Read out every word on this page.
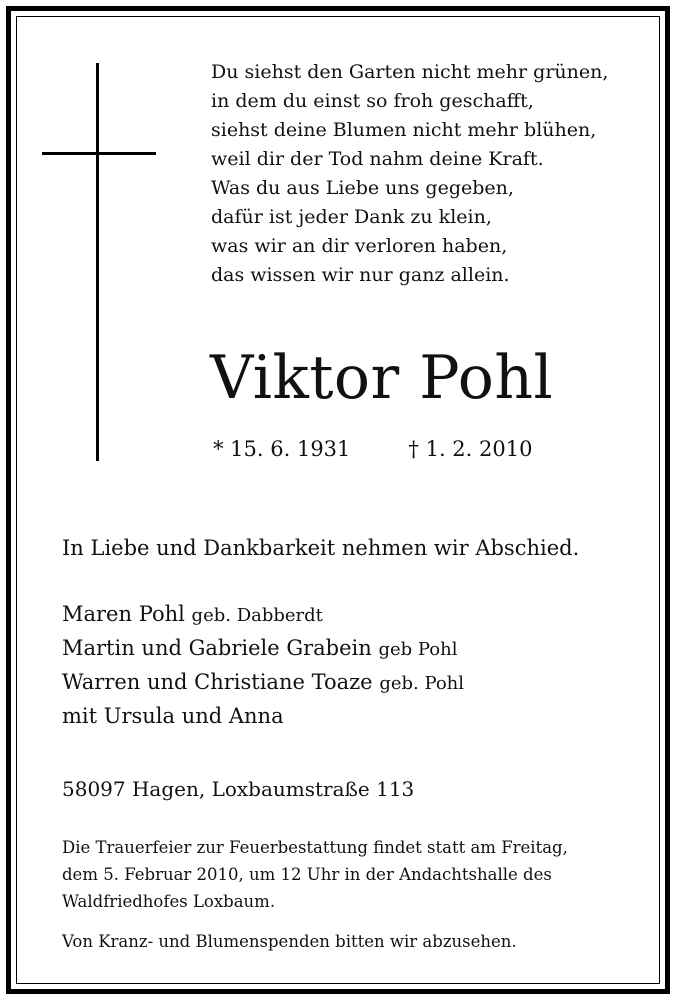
Du siehst den Garten nicht mehr grünen,
in dem du einst so froh geschafft,
siehst deine Blumen nicht mehr blühen,
weil dir der Tod nahm deine Kraft.
Was du aus Liebe uns gegeben,
dafür ist jeder Dank zu klein,
was wir an dir verloren haben,
das wissen wir nur ganz allein.
Viktor Pohl
* 15. 6. 1931	† 1. 2. 2010
In Liebe und Dankbarkeit nehmen wir Abschied.
Maren Pohl geb. Dabberdt
Martin und Gabriele Grabein geb Pohl
Warren und Christiane Toaze geb. Pohl
mit Ursula und Anna
58097 Hagen, Loxbaumstraße 113
Die Trauerfeier zur Feuerbestattung findet statt am Freitag,
dem 5. Februar 2010, um 12 Uhr in der Andachtshalle des
Waldfriedhofes Loxbaum.
Von Kranz- und Blumenspenden bitten wir abzusehen.
